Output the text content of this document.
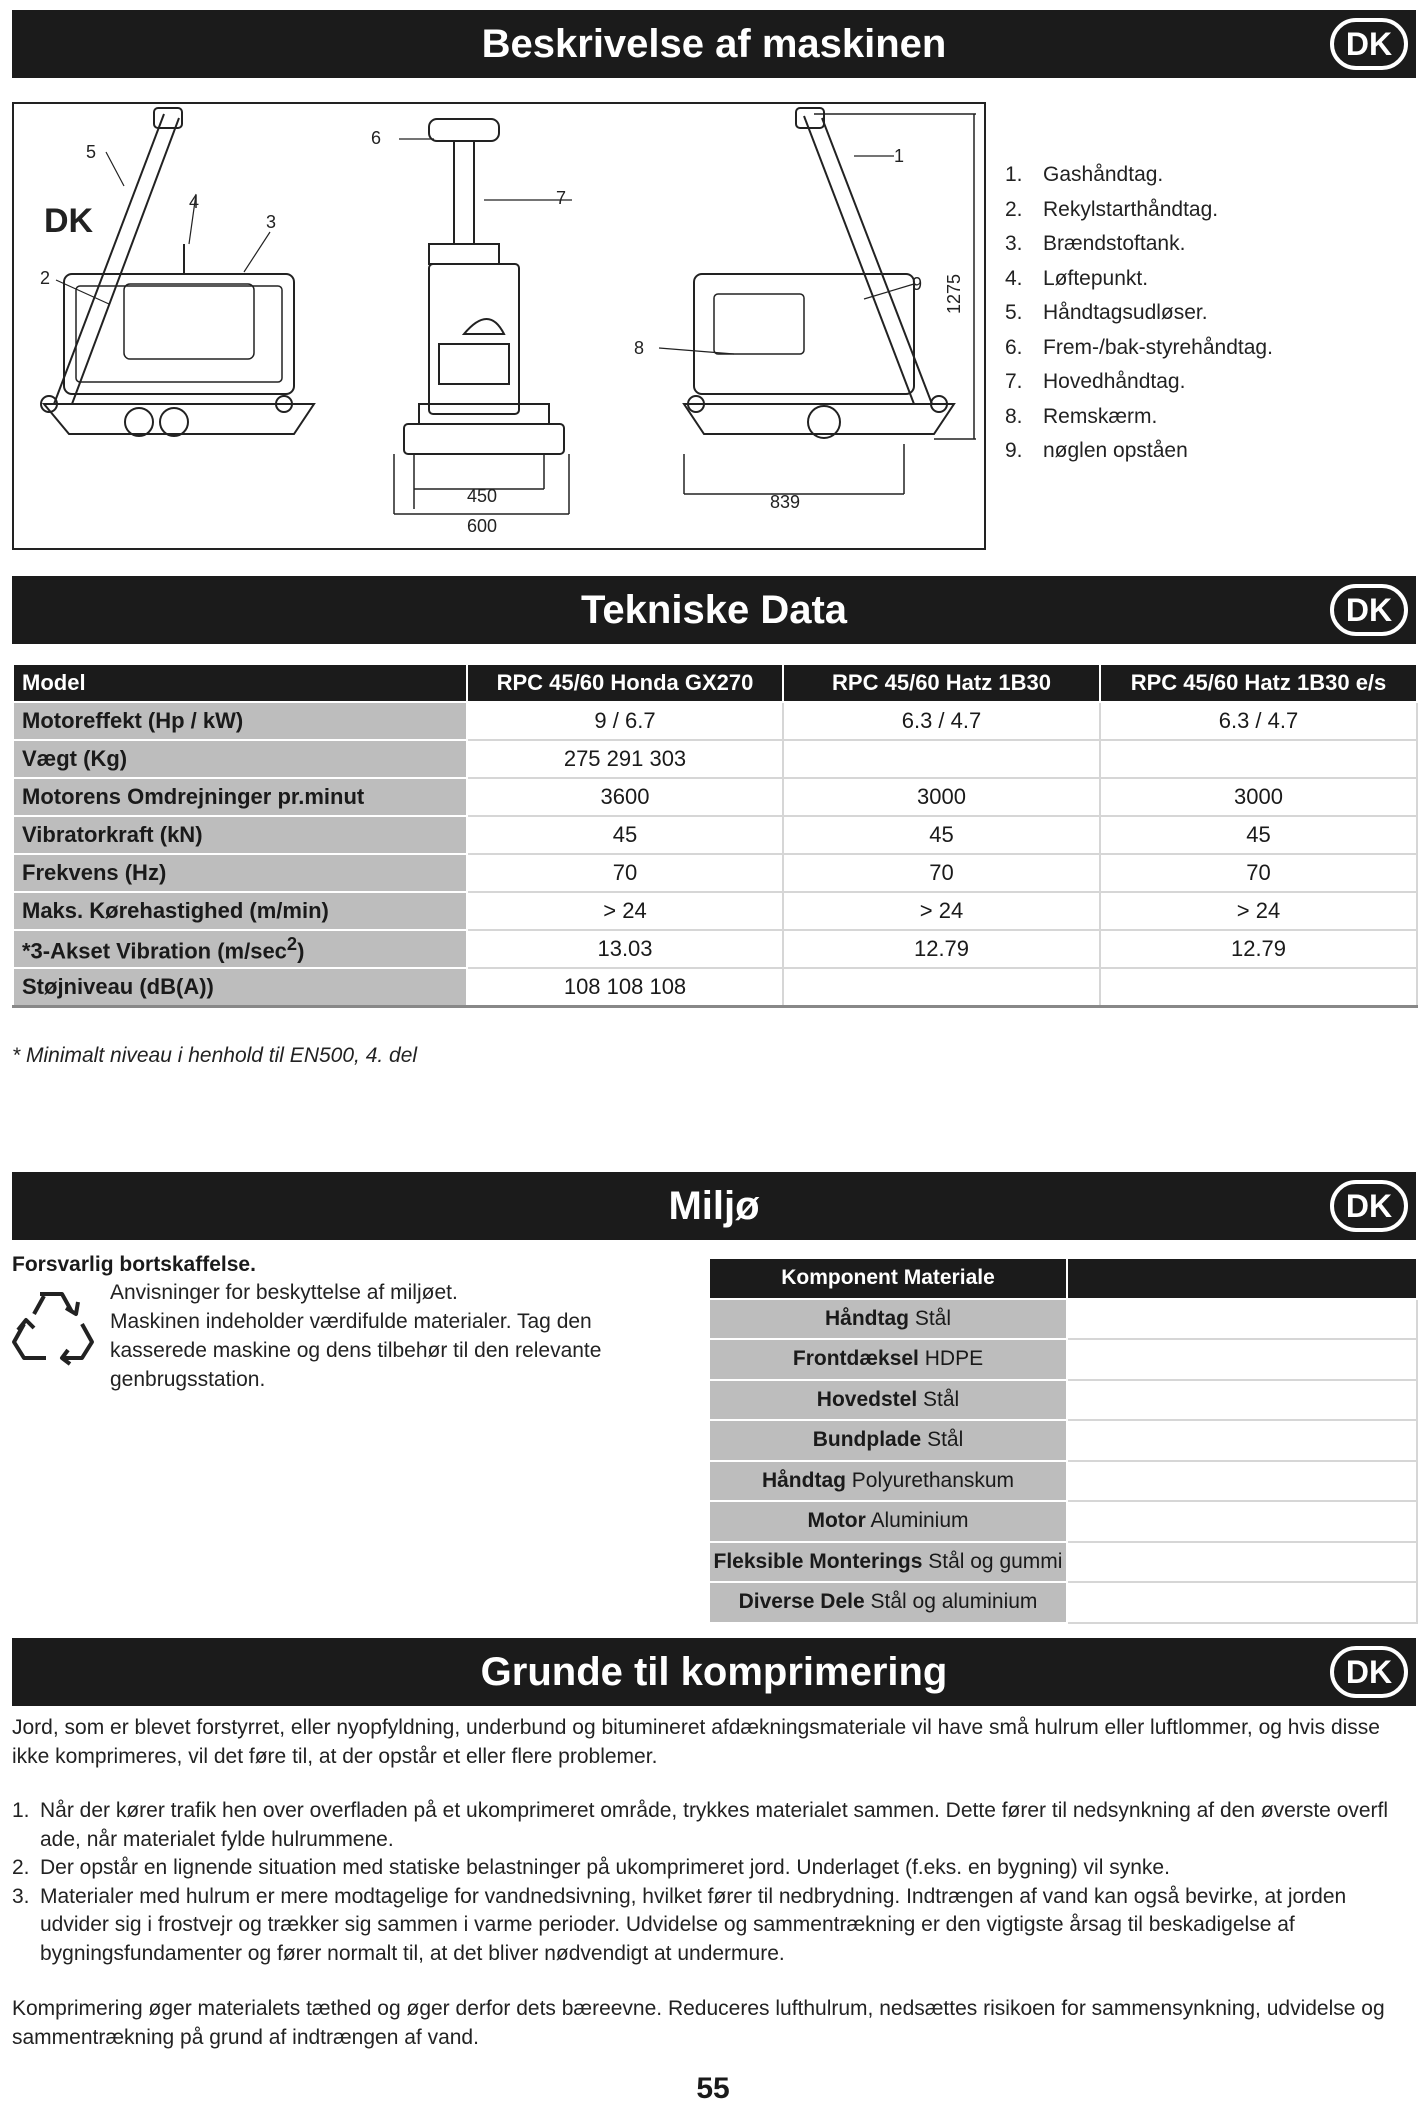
Beskrivelse af maskinen	DK
5
4
3
2
6
7
8
1
9
450
600
839
1275
DK
1. Gashåndtag.
2. Rekylstarthåndtag.
3. Brændstoftank.
4. Løftepunkt.
5. Håndtagsudløser.
6. Frem-/bak-styrehåndtag.
7. Hovedhåndtag.
8. Remskærm.
9. nøglen opståen
Tekniske Data	DK
Model	RPC 45/60 Honda GX270	RPC 45/60 Hatz 1B30	RPC 45/60 Hatz 1B30 e/s
Motoreffekt (Hp / kW)	9 / 6.7	6.3 / 4.7	6.3 / 4.7
Vægt (Kg)	275 291 303		
Motorens Omdrejninger pr.minut	3600	3000	3000
Vibratorkraft (kN)	45	45	45
Frekvens (Hz)	70	70	70
Maks. Kørehastighed (m/min)	> 24	> 24	> 24
*3-Akset Vibration $(m/\sec^2)$	13.03	12.79	12.79
Støjniveau (dB(A))	108 108 108		
* Minimalt niveau i henhold til EN500, 4. del
Miljø	DK
Forsvarlig bortskaffelse.
Anvisninger for beskyttelse af miljøet.
Maskinen indeholder værdifulde materialer. Tag den kasserede maskine og dens tilbehør til den relevante genbrugsstation.
Komponent Materiale	
Håndtag Stål	
Frontdæksel HDPE	
Hovedstel Stål	
Bundplade Stål	
Håndtag Polyurethanskum	
Motor Aluminium	
Fleksible Monterings Stål og gummi	
Diverse Dele Stål og aluminium	
Grunde til komprimering	DK
Jord, som er blevet forstyrret, eller nyopfyldning, underbund og bitumineret afdækningsmateriale vil have små hulrum eller luftlommer, og hvis disse ikke komprimeres, vil det føre til, at der opstår et eller flere problemer.
1. Når der kører trafik hen over overfladen på et ukomprimeret område, trykkes materialet sammen. Dette fører til nedsynkning af den øverste overfl ade, når materialet fylde hulrummene.
2. Der opstår en lignende situation med statiske belastninger på ukomprimeret jord. Underlaget (f.eks. en bygning) vil synke.
3. Materialer med hulrum er mere modtagelige for vandnedsivning, hvilket fører til nedbrydning. Indtrængen af vand kan også bevirke, at jorden udvider sig i frostvejr og trækker sig sammen i varme perioder. Udvidelse og sammentrækning er den vigtigste årsag til beskadigelse af bygningsfundamenter og fører normalt til, at det bliver nødvendigt at undermure.
Komprimering øger materialets tæthed og øger derfor dets bæreevne. Reduceres lufthulrum, nedsættes risikoen for sammensynkning, udvidelse og sammentrækning på grund af indtrængen af vand.
55
